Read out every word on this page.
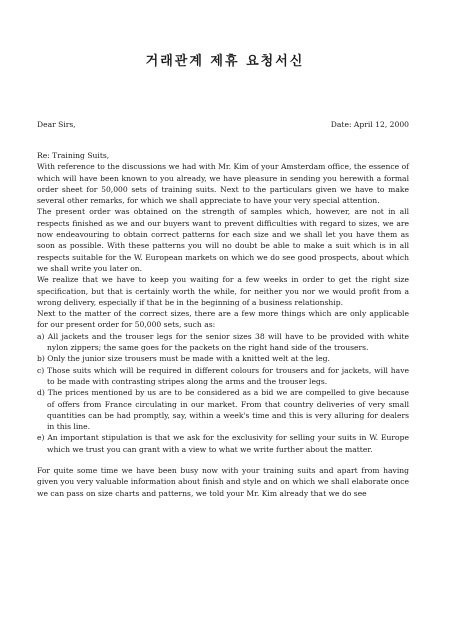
거래관계 제휴 요청서신
Dear Sirs,	Date: April 12, 2000

Re: Training Suits,

With reference to the discussions we had with Mr. Kim of your Amsterdam office, the essence of which will have been known to you already, we have pleasure in sending you herewith a formal order sheet for 50,000 sets of training suits. Next to the particulars given we have to make several other remarks, for which we shall appreciate to have your very special attention.

The present order was obtained on the strength of samples which, however, are not in all respects finished as we and our buyers want to prevent difficulties with regard to sizes, we are now endeavouring to obtain correct patterns for each size and we shall let you have them as soon as possible. With these patterns you will no doubt be able to make a suit which is in all respects suitable for the W. European markets on which we do see good prospects, about which we shall write you later on.

We realize that we have to keep you waiting for a few weeks in order to get the right size specification, but that is certainly worth the while, for neither you nor we would profit from a wrong delivery, especially if that be in the beginning of a business relationship.

Next to the matter of the correct sizes, there are a few more things which are only applicable for our present order for 50,000 sets, such as:

a) All jackets and the trouser legs for the senior sizes 38 will have to be provided with white nylon zippers; the same goes for the packets on the right hand side of the trousers.
b) Only the junior size trousers must be made with a knitted welt at the leg.
c) Those suits which will be required in different colours for trousers and for jackets, will have to be made with contrasting stripes along the arms and the trouser legs.
d) The prices mentioned by us are to be considered as a bid we are compelled to give because of offers from France circulating in our market. From that country deliveries of very small quantities can be had promptly, say, within a week's time and this is very alluring for dealers in this line.
e) An important stipulation is that we ask for the exclusivity for selling your suits in W. Europe which we trust you can grant with a view to what we write further about the matter.

For quite some time we have been busy now with your training suits and apart from having given you very valuable information about finish and style and on which we shall elaborate once we can pass on size charts and patterns, we told your Mr. Kim already that we do see
